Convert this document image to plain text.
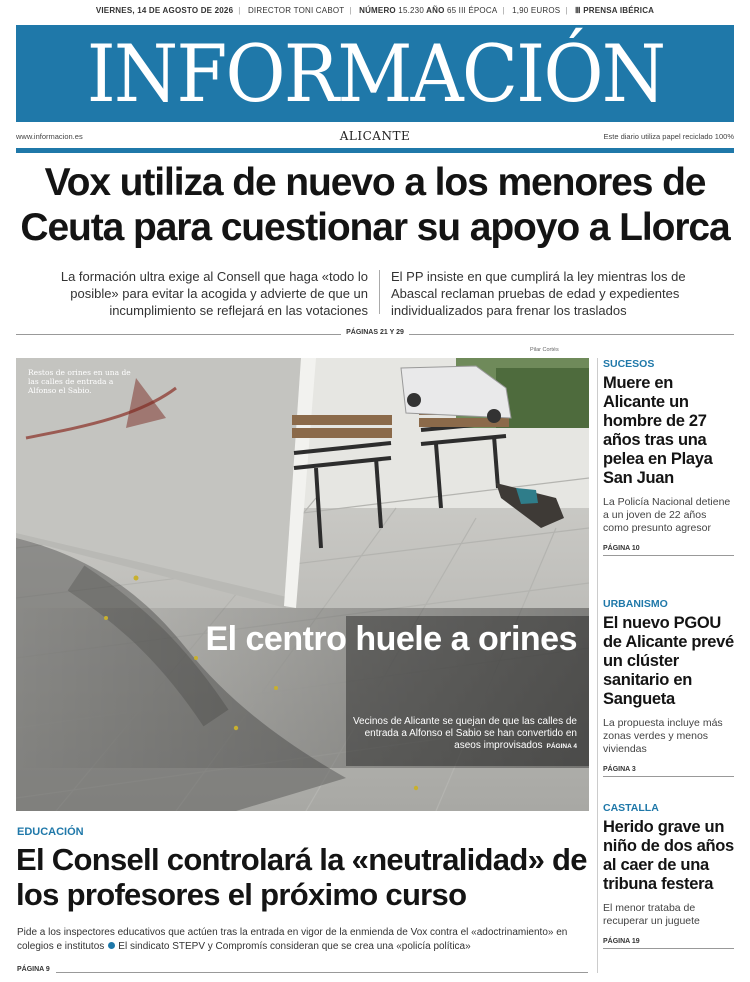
VIERNES, 14 DE AGOSTO DE 2026 | DIRECTOR TONI CABOT | NÚMERO 15.230 AÑO 65 III ÉPOCA | 1,90 EUROS | Ⅲ PRENSA IBÉRICA
INFORMACIÓN
www.informacion.es	ALICANTE	Este diario utiliza papel reciclado 100%
Vox utiliza de nuevo a los menores de Ceuta para cuestionar su apoyo a Llorca

La formación ultra exige al Consell que haga «todo lo posible» para evitar la acogida y advierte de que un incumplimiento se reflejará en las votaciones

El PP insiste en que cumplirá la ley mientras los de Abascal reclaman pruebas de edad y expedientes individualizados para frenar los traslados

PÁGINAS 21 Y 29
Pilar Cortés

Restos de orines en una de las calles de entrada a Alfonso el Sabio.

El centro huele a orines

Vecinos de Alicante se quejan de que las calles de entrada a Alfonso el Sabio se han convertido en aseos improvisados PÁGINA 4

EDUCACIÓN
El Consell controlará la «neutralidad» de los profesores el próximo curso

Pide a los inspectores educativos que actúen tras la entrada en vigor de la enmienda de Vox contra el «adoctrinamiento» en colegios e institutos El sindicato STEPV y Compromís consideran que se crea una «policía política»

PÁGINA 9
SUCESOS
Muere en Alicante un hombre de 27 años tras una pelea en Playa San Juan
La Policía Nacional detiene a un joven de 22 años como presunto agresor
PÁGINA 10
URBANISMO
El nuevo PGOU de Alicante prevé un clúster sanitario en Sangueta
La propuesta incluye más zonas verdes y menos viviendas
PÁGINA 3
CASTALLA
Herido grave un niño de dos años al caer de una tribuna festera
El menor trataba de recuperar un juguete
PÁGINA 19
